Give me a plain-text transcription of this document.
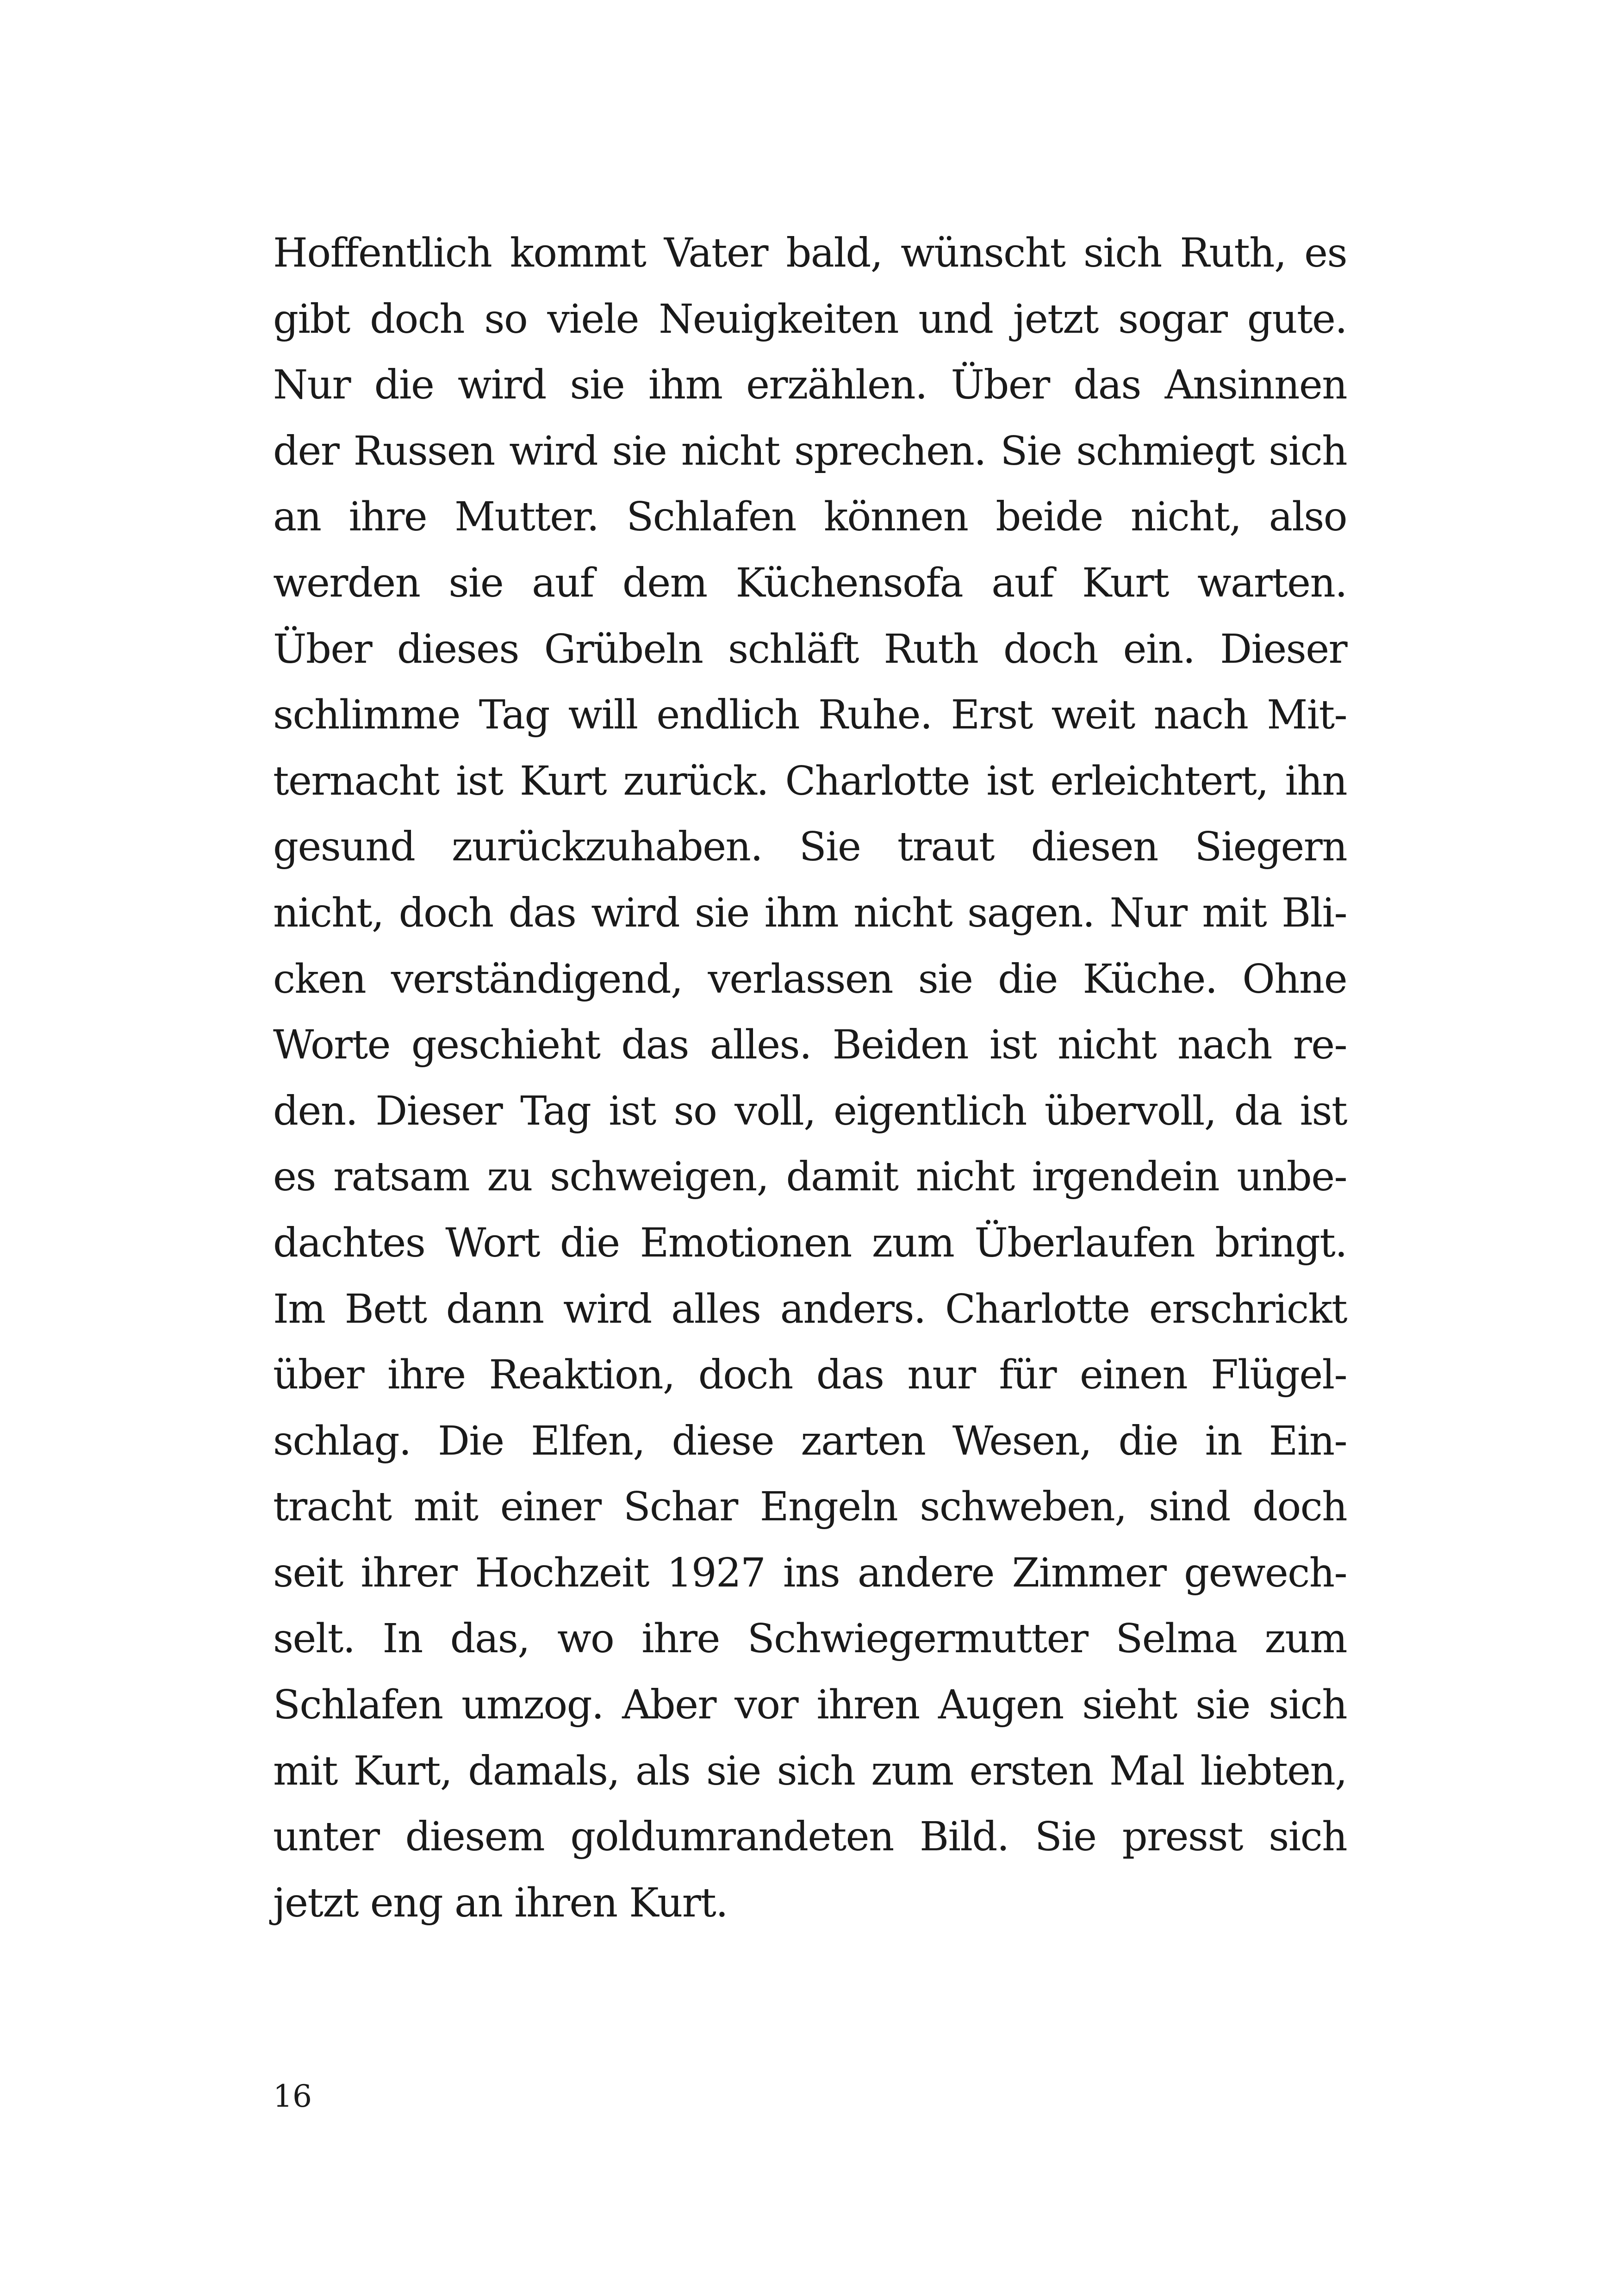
Hoffentlich kommt Vater bald, wünscht sich Ruth, es
gibt doch so viele Neuigkeiten und jetzt sogar gute.
Nur die wird sie ihm erzählen. Über das Ansinnen
der Russen wird sie nicht sprechen. Sie schmiegt sich
an ihre Mutter. Schlafen können beide nicht, also
werden sie auf dem Küchensofa auf Kurt warten.
Über dieses Grübeln schläft Ruth doch ein. Dieser
schlimme Tag will endlich Ruhe. Erst weit nach Mit-
ternacht ist Kurt zurück. Charlotte ist erleichtert, ihn
gesund zurückzuhaben. Sie traut diesen Siegern
nicht, doch das wird sie ihm nicht sagen. Nur mit Bli-
cken verständigend, verlassen sie die Küche. Ohne
Worte geschieht das alles. Beiden ist nicht nach re-
den. Dieser Tag ist so voll, eigentlich übervoll, da ist
es ratsam zu schweigen, damit nicht irgendein unbe-
dachtes Wort die Emotionen zum Überlaufen bringt.
Im Bett dann wird alles anders. Charlotte erschrickt
über ihre Reaktion, doch das nur für einen Flügel-
schlag. Die Elfen, diese zarten Wesen, die in Ein-
tracht mit einer Schar Engeln schweben, sind doch
seit ihrer Hochzeit 1927 ins andere Zimmer gewech-
selt. In das, wo ihre Schwiegermutter Selma zum
Schlafen umzog. Aber vor ihren Augen sieht sie sich
mit Kurt, damals, als sie sich zum ersten Mal liebten,
unter diesem goldumrandeten Bild. Sie presst sich
jetzt eng an ihren Kurt.
16
